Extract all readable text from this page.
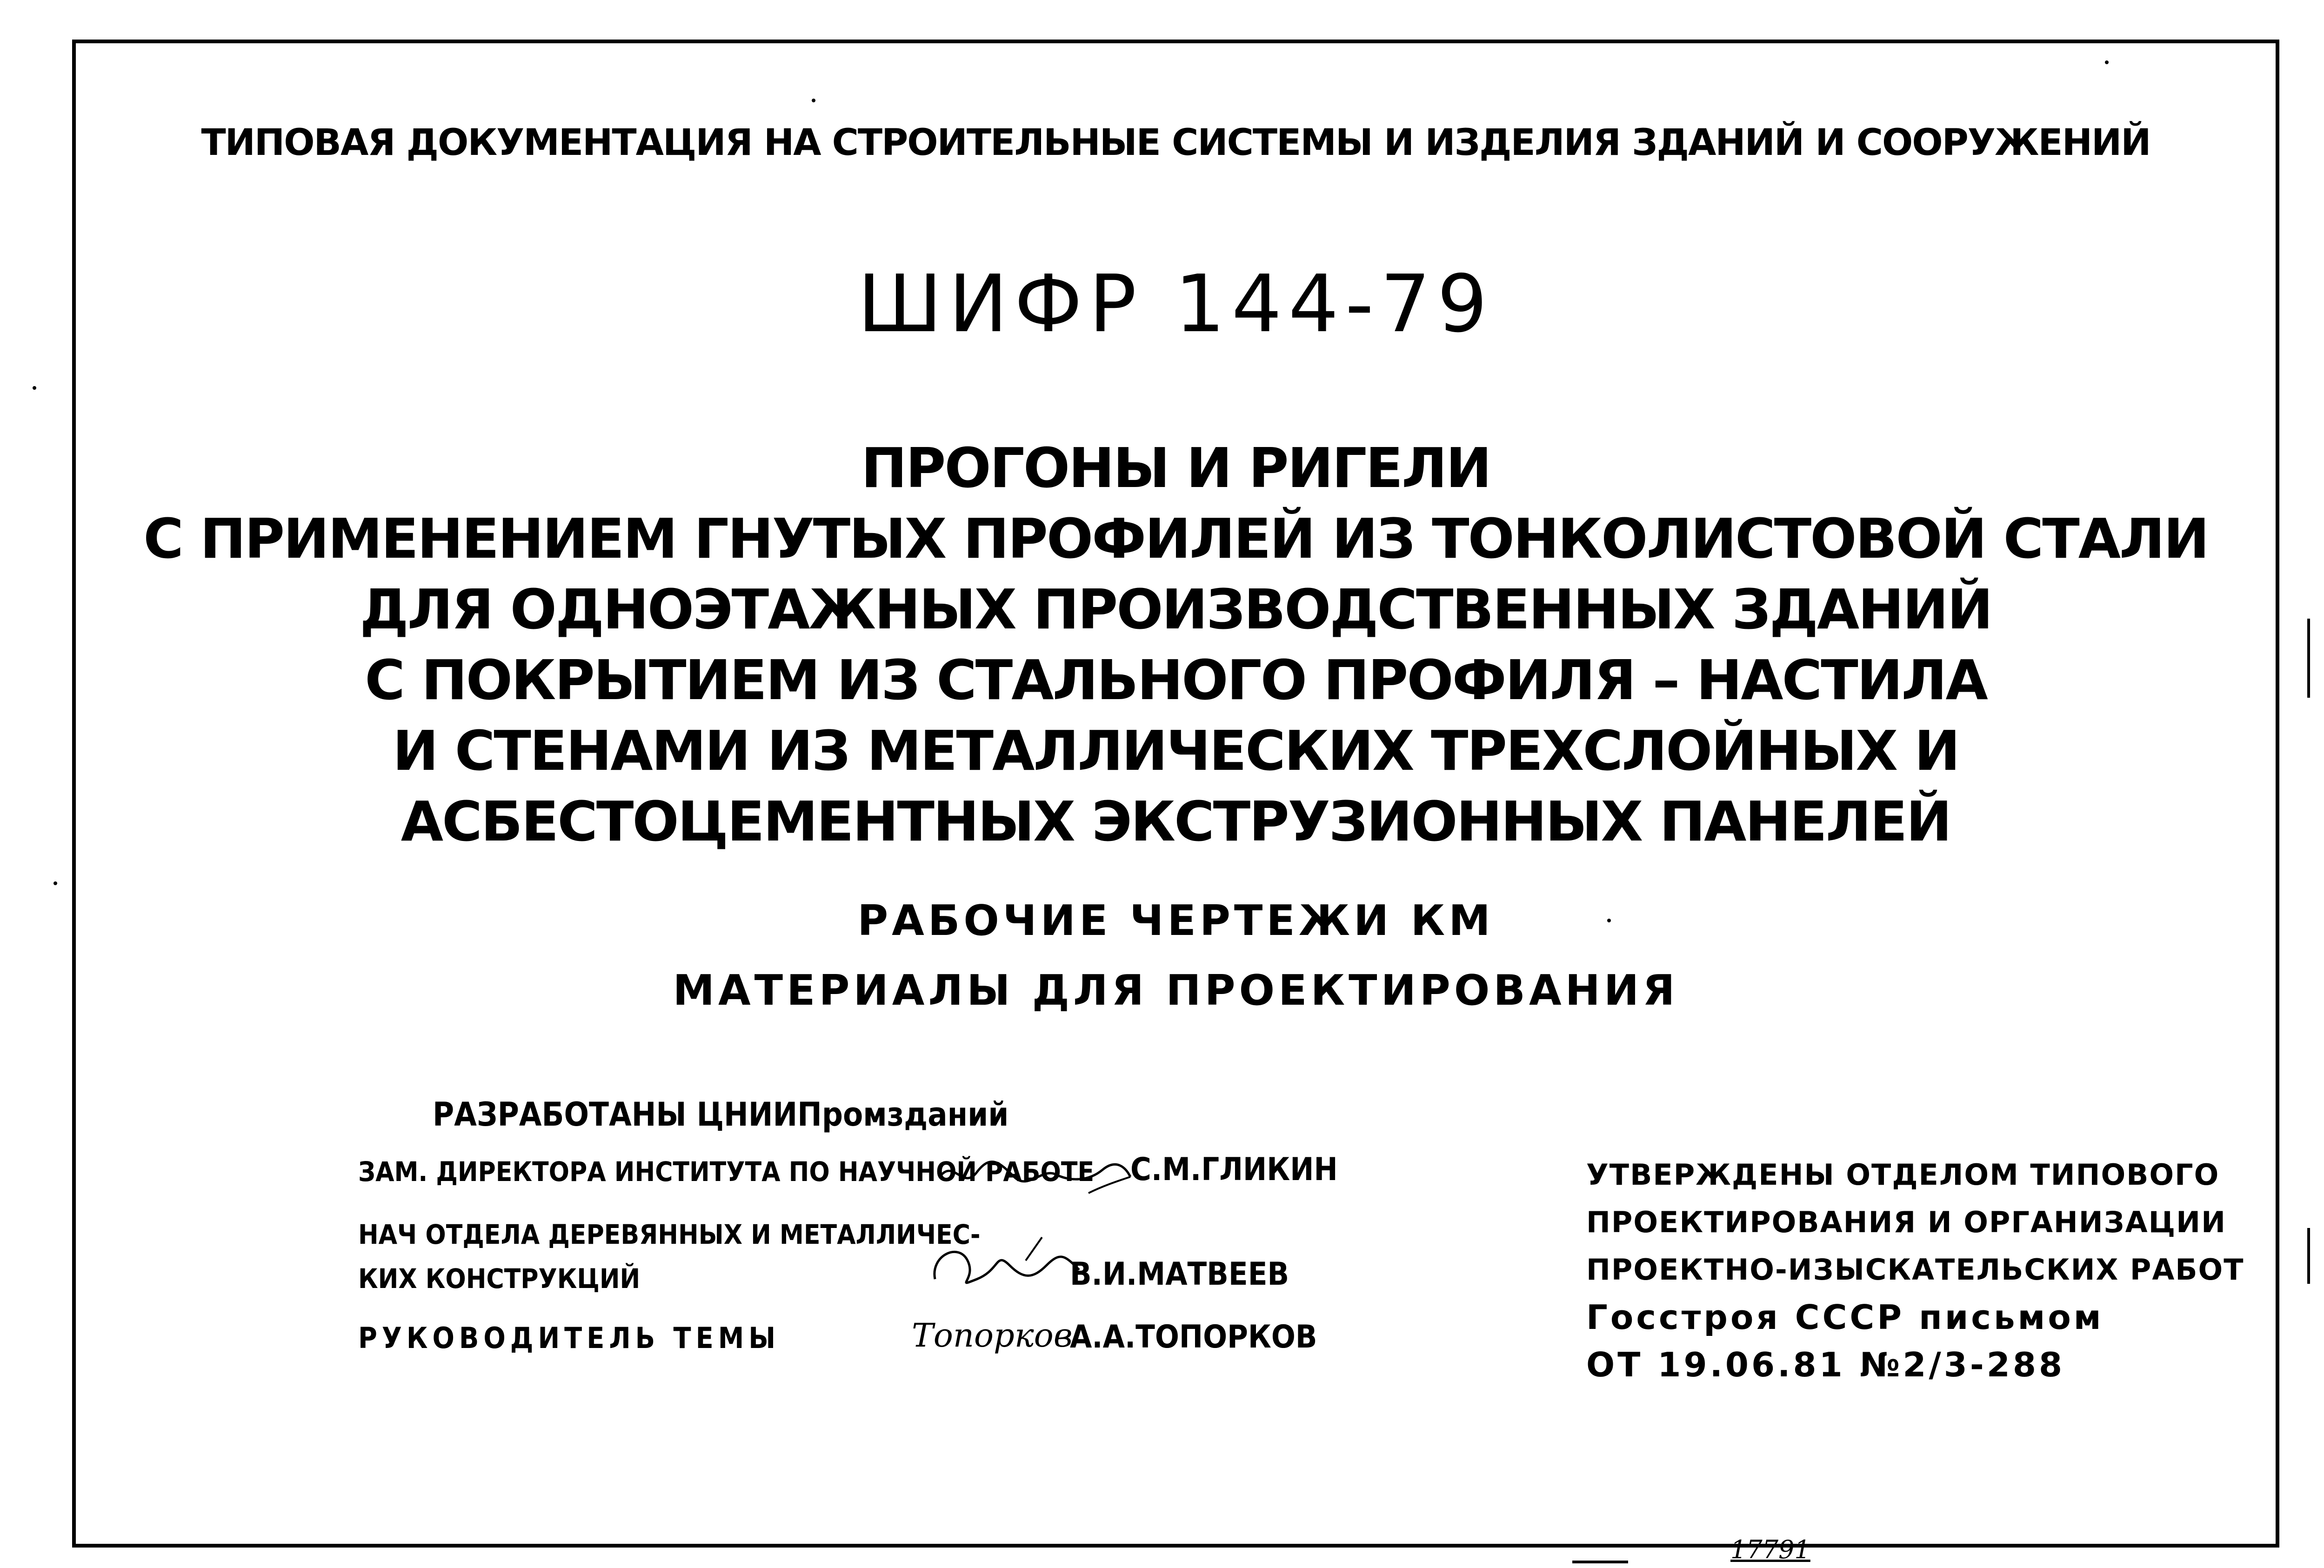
ТИПОВАЯ ДОКУМЕНТАЦИЯ НА СТРОИТЕЛЬНЫЕ СИСТЕМЫ И ИЗДЕЛИЯ ЗДАНИЙ И СООРУЖЕНИЙ
ШИФР 144-79
ПРОГОНЫ И РИГЕЛИ
С ПРИМЕНЕНИЕМ ГНУТЫХ ПРОФИЛЕЙ ИЗ ТОНКОЛИСТОВОЙ СТАЛИ
ДЛЯ ОДНОЭТАЖНЫХ ПРОИЗВОДСТВЕННЫХ ЗДАНИЙ
С ПОКРЫТИЕМ ИЗ СТАЛЬНОГО ПРОФИЛЯ – НАСТИЛА
И СТЕНАМИ ИЗ МЕТАЛЛИЧЕСКИХ ТРЕХСЛОЙНЫХ И
АСБЕСТОЦЕМЕНТНЫХ ЭКСТРУЗИОННЫХ ПАНЕЛЕЙ
РАБОЧИЕ ЧЕРТЕЖИ КМ
МАТЕРИАЛЫ ДЛЯ ПРОЕКТИРОВАНИЯ
РАЗРАБОТАНЫ ЦНИИПромзданий
ЗАМ. ДИРЕКТОРА ИНСТИТУТА ПО НАУЧНОЙ РАБОТЕ С.М.ГЛИКИН
НАЧ ОТДЕЛА ДЕРЕВЯННЫХ И МЕТАЛЛИЧЕС-
КИХ КОНСТРУКЦИЙ	В.И.МАТВЕЕВ
РУКОВОДИТЕЛЬ ТЕМЫ	Топорков
А.А.ТОПОРКОВ
УТВЕРЖДЕНЫ ОТДЕЛОМ ТИПОВОГО
ПРОЕКТИРОВАНИЯ И ОРГАНИЗАЦИИ
ПРОЕКТНО-ИЗЫСКАТЕЛЬСКИХ РАБОТ
Госстроя СССР письмом
ОТ 19.06.81 №2/3-288
17791
